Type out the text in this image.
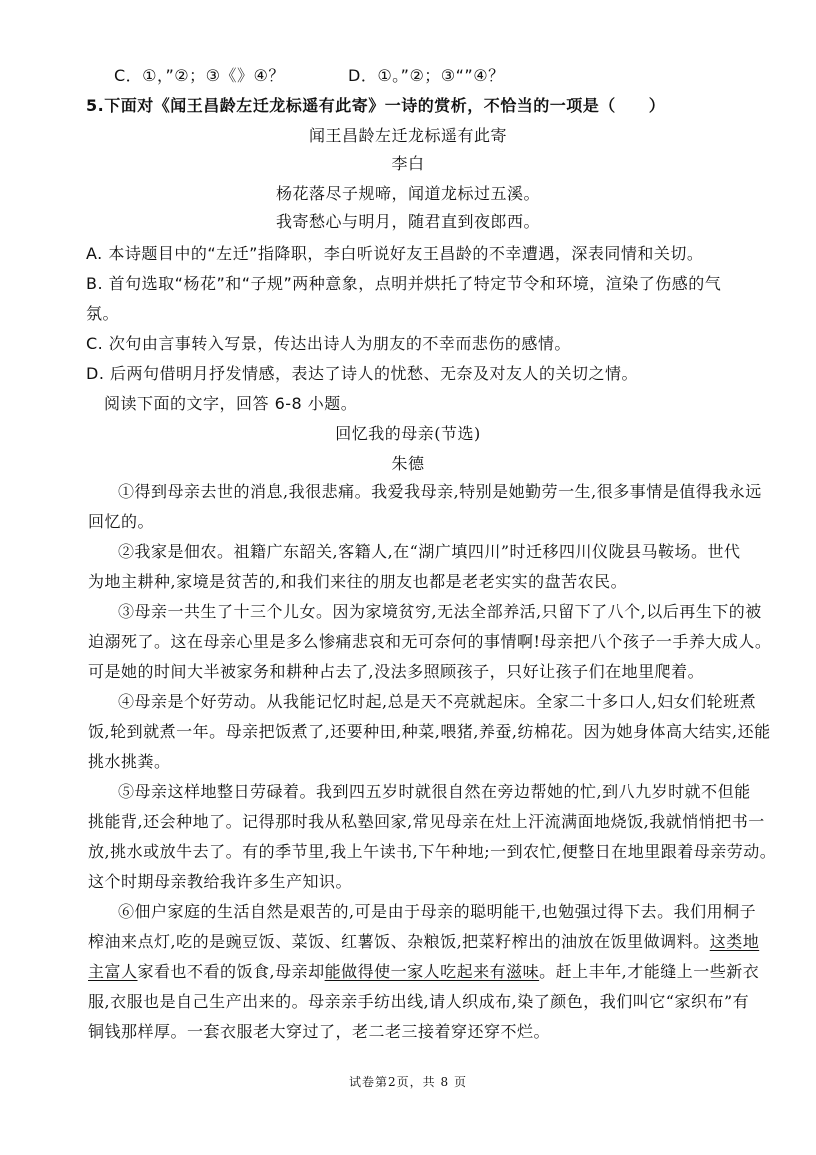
C．①，”②；③《》④？	D．①。”②；③“”④？
5.下面对《闻王昌龄左迁龙标遥有此寄》一诗的赏析，不恰当的一项是（　　）
闻王昌龄左迁龙标遥有此寄
李白
杨花落尽子规啼，闻道龙标过五溪。
我寄愁心与明月，随君直到夜郎西。
A. 本诗题目中的“左迁”指降职，李白听说好友王昌龄的不幸遭遇，深表同情和关切。
B. 首句选取“杨花”和“子规”两种意象，点明并烘托了特定节令和环境，渲染了伤感的气
氛。
C. 次句由言事转入写景，传达出诗人为朋友的不幸而悲伤的感情。
D. 后两句借明月抒发情感，表达了诗人的忧愁、无奈及对友人的关切之情。
阅读下面的文字，回答 6-8 小题。
回忆我的母亲(节选)
朱德
①得到母亲去世的消息,我很悲痛。我爱我母亲,特别是她勤劳一生,很多事情是值得我永远
回忆的。
②我家是佃农。祖籍广东韶关,客籍人,在“湖广填四川”时迁移四川仪陇县马鞍场。世代
为地主耕种,家境是贫苦的,和我们来往的朋友也都是老老实实的盘苦农民。
③母亲一共生了十三个儿女。因为家境贫穷,无法全部养活,只留下了八个,以后再生下的被
迫溺死了。这在母亲心里是多么惨痛悲哀和无可奈何的事情啊!母亲把八个孩子一手养大成人。
可是她的时间大半被家务和耕种占去了,没法多照顾孩子，只好让孩子们在地里爬着。
④母亲是个好劳动。从我能记忆时起,总是天不亮就起床。全家二十多口人,妇女们轮班煮
饭,轮到就煮一年。母亲把饭煮了,还要种田,种菜,喂猪,养蚕,纺棉花。因为她身体高大结实,还能
挑水挑粪。
⑤母亲这样地整日劳碌着。我到四五岁时就很自然在旁边帮她的忙,到八九岁时就不但能
挑能背,还会种地了。记得那时我从私塾回家,常见母亲在灶上汗流满面地烧饭,我就悄悄把书一
放,挑水或放牛去了。有的季节里,我上午读书,下午种地;一到农忙,便整日在地里跟着母亲劳动。
这个时期母亲教给我许多生产知识。
⑥佃户家庭的生活自然是艰苦的,可是由于母亲的聪明能干,也勉强过得下去。我们用桐子
榨油来点灯,吃的是豌豆饭、菜饭、红薯饭、杂粮饭,把菜籽榨出的油放在饭里做调料。这类地
主富人家看也不看的饭食,母亲却能做得使一家人吃起来有滋味。赶上丰年,才能缝上一些新衣
服,衣服也是自己生产出来的。母亲亲手纺出线,请人织成布,染了颜色，我们叫它“家织布”有
铜钱那样厚。一套衣服老大穿过了，老二老三接着穿还穿不烂。
试卷第2页，共 8 页
